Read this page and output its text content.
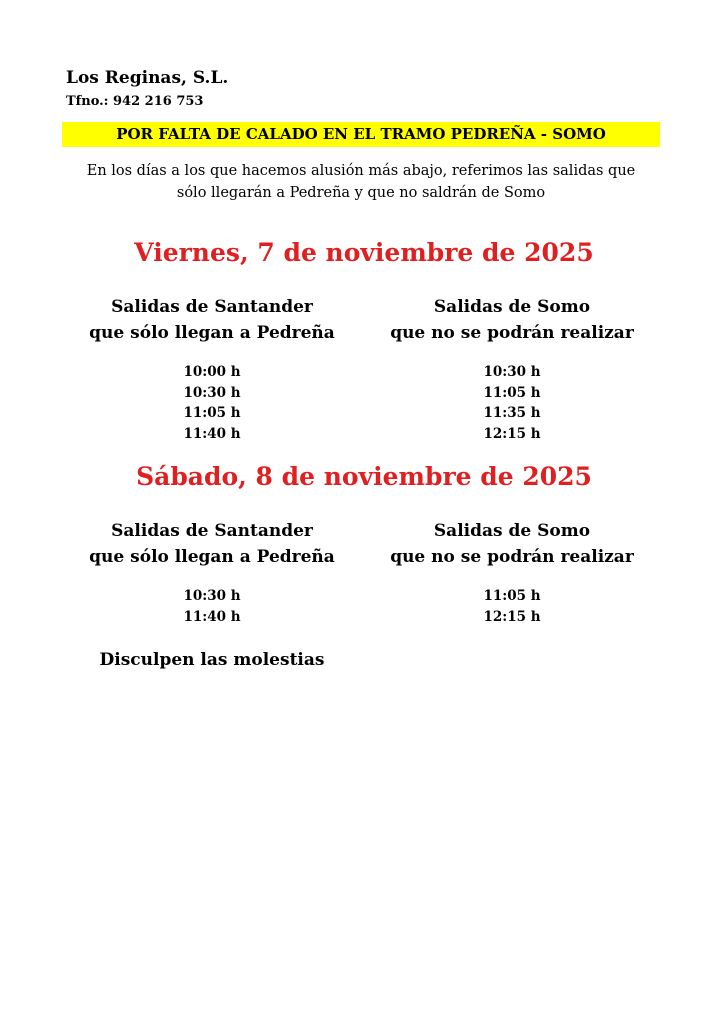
Los Reginas, S.L.
Tfno.: 942 216 753
POR FALTA DE CALADO EN EL TRAMO PEDREÑA - SOMO
En los días a los que hacemos alusión más abajo, referimos las salidas que
sólo llegarán a Pedreña y que no saldrán de Somo
Viernes, 7 de noviembre de 2025
Salidas de Santander
que sólo llegan a Pedreña
Salidas de Somo
que no se podrán realizar
10:00 h
10:30 h
11:05 h
11:40 h
10:30 h
11:05 h
11:35 h
12:15 h
Sábado, 8 de noviembre de 2025
Salidas de Santander
que sólo llegan a Pedreña
Salidas de Somo
que no se podrán realizar
10:30 h
11:40 h
11:05 h
12:15 h
Disculpen las molestias
